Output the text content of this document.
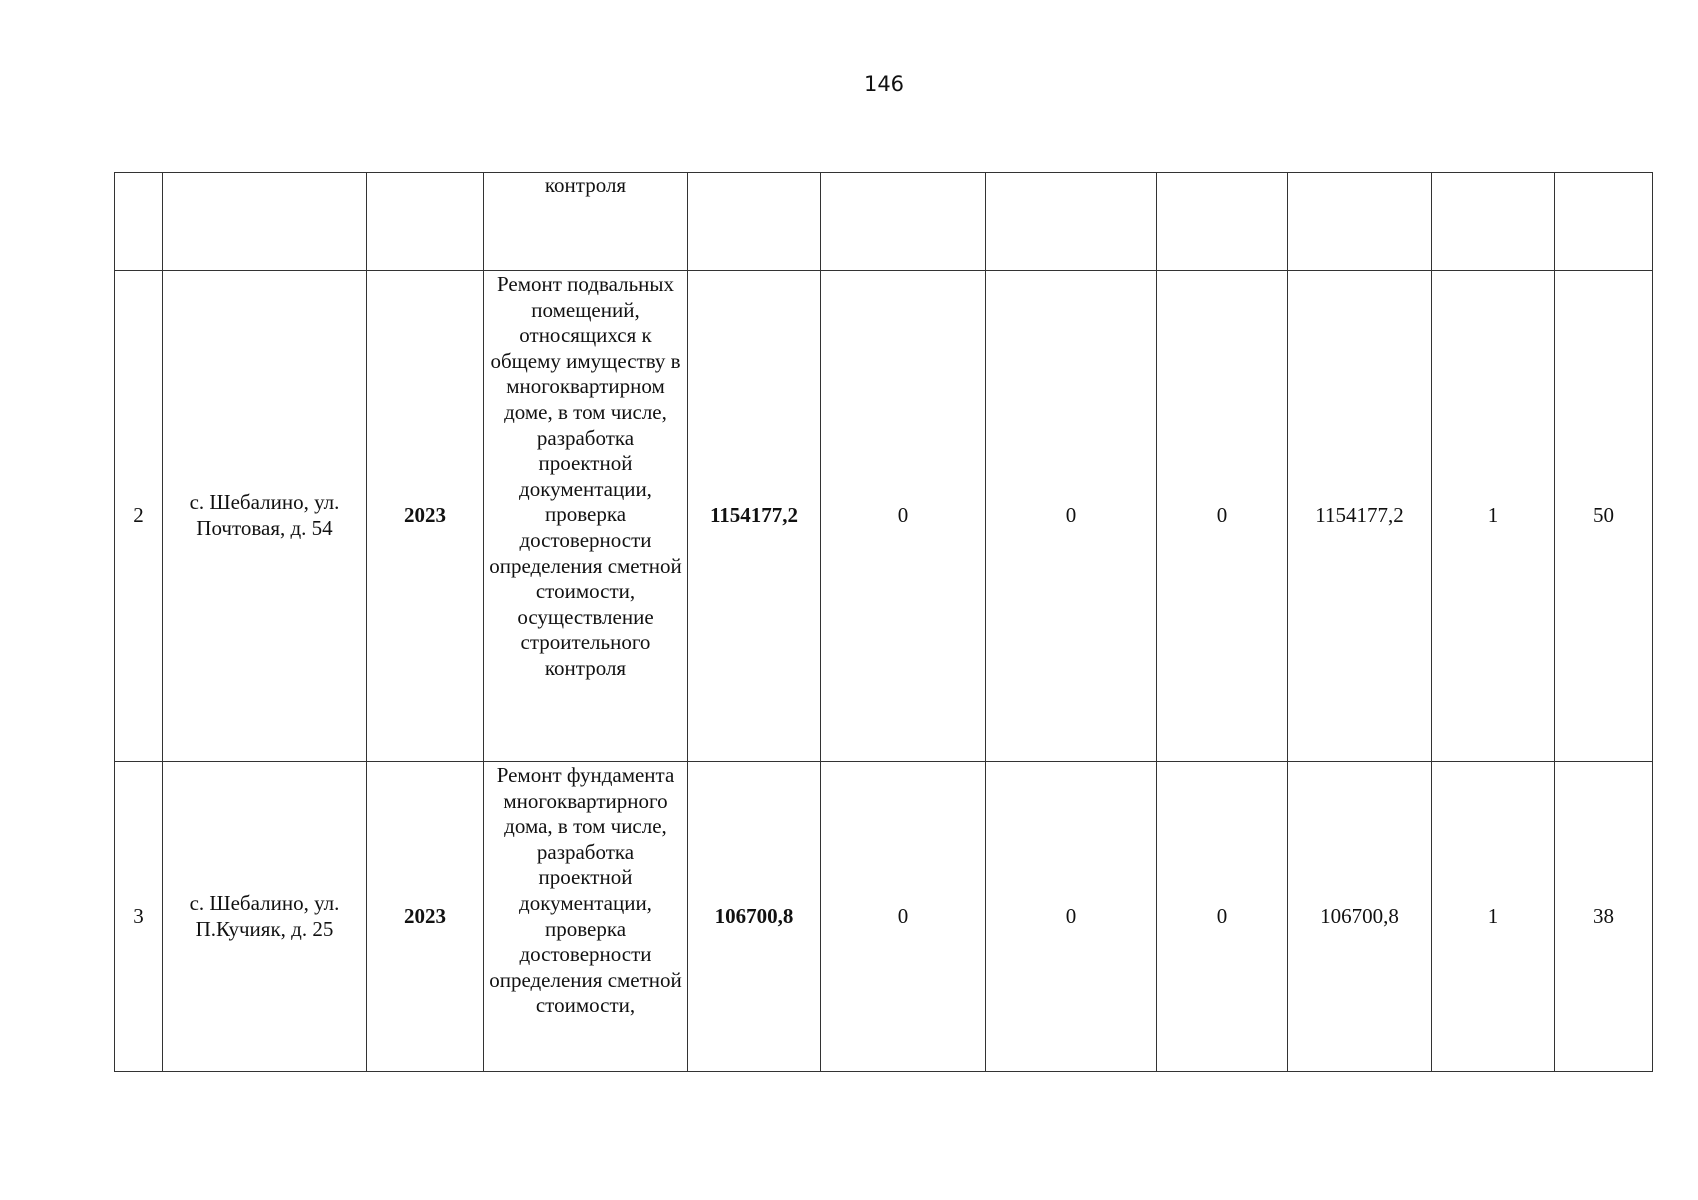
146
			контроля							
2	с. Шебалино, ул. Почтовая, д. 54	2023	Ремонт подвальных помещений, относящихся к общему имуществу в многоквартирном доме, в том числе, разработка проектной документации, проверка достоверности определения сметной стоимости, осуществление строительного контроля	1154177,2	0	0	0	1154177,2	1	50
3	с. Шебалино, ул. П.Кучияк, д. 25	2023	Ремонт фундамента многоквартирного дома, в том числе, разработка проектной документации, проверка достоверности определения сметной стоимости,	106700,8	0	0	0	106700,8	1	38
